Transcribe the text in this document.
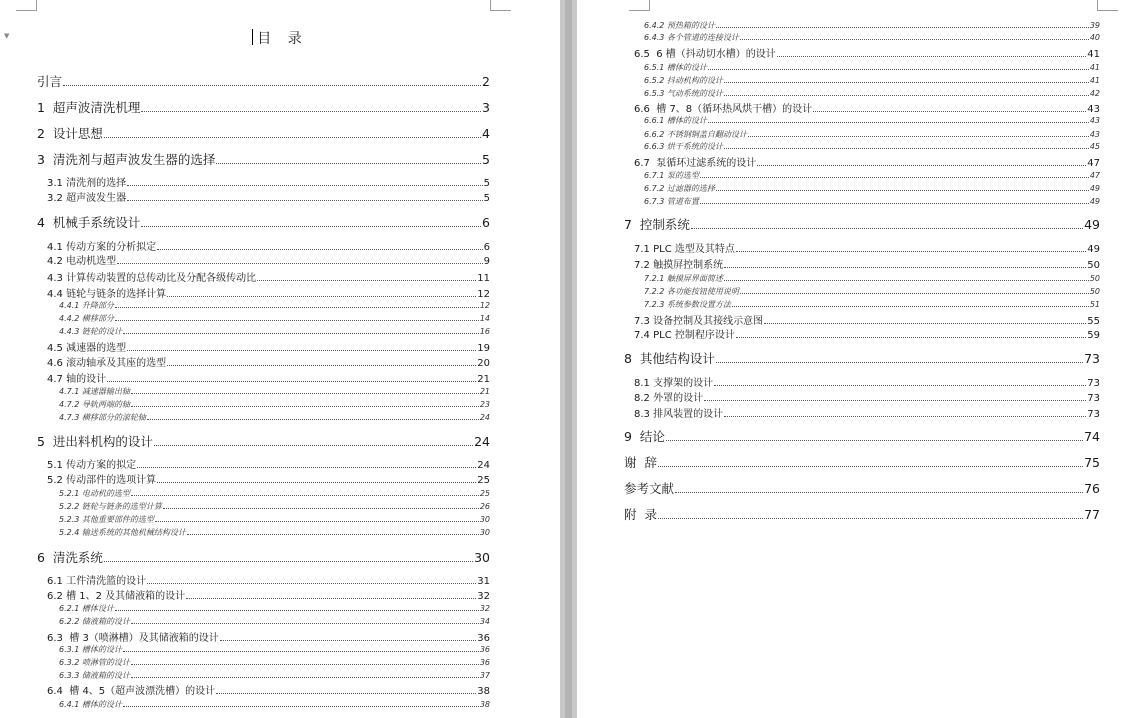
▼	目 录
引言	2
1 超声波清洗机理	3
2 设计思想	4
3 清洗剂与超声波发生器的选择	5
3.1 清洗剂的选择	5
3.2 超声波发生器	5
4 机械手系统设计	6
4.1 传动方案的分析拟定	6
4.2 电动机选型	9
4.3 计算传动装置的总传动比及分配各级传动比	11
4.4 链轮与链条的选择计算	12
4.4.1 升降部分	12
4.4.2 横移部分	14
4.4.3 链轮的设计	16
4.5 减速器的选型	19
4.6 滚动轴承及其座的选型	20
4.7 轴的设计	21
4.7.1 减速器输出轴	21
4.7.2 导轨两端的轴	23
4.7.3 横移部分的滚轮轴	24
5 进出料机构的设计	24
5.1 传动方案的拟定	24
5.2 传动部件的选项计算	25
5.2.1 电动机的选型	25
5.2.2 链轮与链条的选型计算	26
5.2.3 其他重要部件的选型	30
5.2.4 输送系统的其他机械结构设计	30
6 清洗系统	30
6.1 工件清洗篮的设计	31
6.2 槽 1、2 及其储液箱的设计	32
6.2.1 槽体设计	32
6.2.2 储液箱的设计	34
6.3 槽 3（喷淋槽）及其储液箱的设计	36
6.3.1 槽体的设计	36
6.3.2 喷淋管的设计	36
6.3.3 储液箱的设计	37
6.4 槽 4、5（超声波漂洗槽）的设计	38
6.4.1 槽体的设计	38
6.4.2 预热箱的设计	39
6.4.3 各个管道的连接设计	40
6.5 6 槽（抖动切水槽）的设计	41
6.5.1 槽体的设计	41
6.5.2 抖动机构的设计	41
6.5.3 气动系统的设计	42
6.6 槽 7、8（循环热风烘干槽）的设计	43
6.6.1 槽体的设计	43
6.6.2 不锈钢铜盖自翻动设计	43
6.6.3 烘干系统的设计	45
6.7 泵循环过滤系统的设计	47
6.7.1 泵的选型	47
6.7.2 过滤器的选择	49
6.7.3 管道布置	49
7 控制系统	49
7.1 PLC 选型及其特点	49
7.2 触摸屏控制系统	50
7.2.1 触摸屏界面简述	50
7.2.2 各功能按钮使用说明	50
7.2.3 系统参数设置方法	51
7.3 设备控制及其接线示意图	55
7.4 PLC 控制程序设计	59
8 其他结构设计	73
8.1 支撑架的设计	73
8.2 外罩的设计	73
8.3 排风装置的设计	73
9 结论	74
谢  辞	75
参考文献	76
附  录	77
